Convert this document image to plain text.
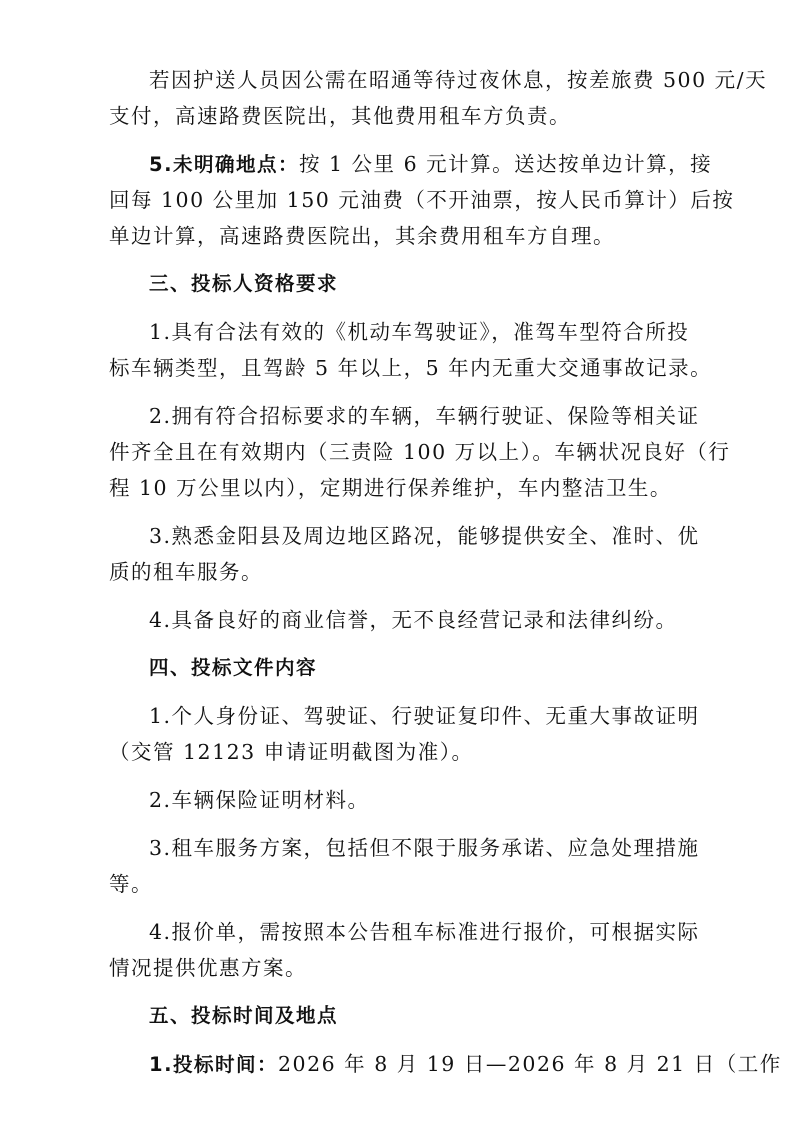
若因护送人员因公需在昭通等待过夜休息，按差旅费 500 元/天
支付，高速路费医院出，其他费用租车方负责。
5.未明确地点：按 1 公里 6 元计算。送达按单边计算，接
回每 100 公里加 150 元油费（不开油票，按人民币算计）后按
单边计算，高速路费医院出，其余费用租车方自理。
三、投标人资格要求
1.具有合法有效的《机动车驾驶证》，准驾车型符合所投
标车辆类型，且驾龄 5 年以上，5 年内无重大交通事故记录。
2.拥有符合招标要求的车辆，车辆行驶证、保险等相关证
件齐全且在有效期内（三责险 100 万以上）。车辆状况良好（行
程 10 万公里以内），定期进行保养维护，车内整洁卫生。
3.熟悉金阳县及周边地区路况，能够提供安全、准时、优
质的租车服务。
4.具备良好的商业信誉，无不良经营记录和法律纠纷。
四、投标文件内容
1.个人身份证、驾驶证、行驶证复印件、无重大事故证明
（交管 12123 申请证明截图为准）。
2.车辆保险证明材料。
3.租车服务方案，包括但不限于服务承诺、应急处理措施
等。
4.报价单，需按照本公告租车标准进行报价，可根据实际
情况提供优惠方案。
五、投标时间及地点
1.投标时间：2026 年 8 月 19 日—2026 年 8 月 21 日（工作
